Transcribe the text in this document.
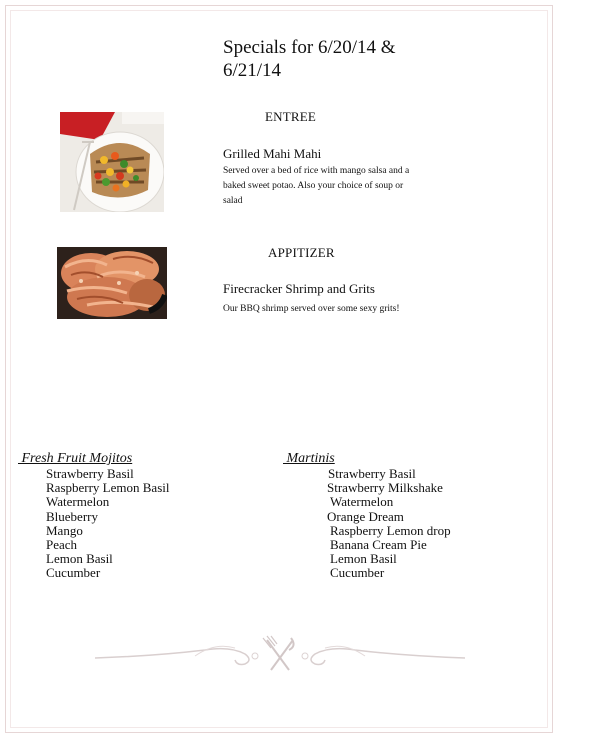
Specials for 6/20/14 & 6/21/14
ENTREE
Grilled Mahi Mahi
Served over a bed of rice with mango salsa and a baked sweet potao. Also your choice of soup or salad
APPITIZER
Firecracker Shrimp and Grits
Our BBQ shrimp served over some sexy grits!
Fresh Fruit Mojitos
Strawberry Basil
Raspberry Lemon Basil
Watermelon
Blueberry
Mango
Peach
Lemon Basil
Cucumber
Martinis
Strawberry Basil
Strawberry Milkshake
Watermelon
Orange Dream
Raspberry Lemon drop
Banana Cream Pie
Lemon Basil
Cucumber
